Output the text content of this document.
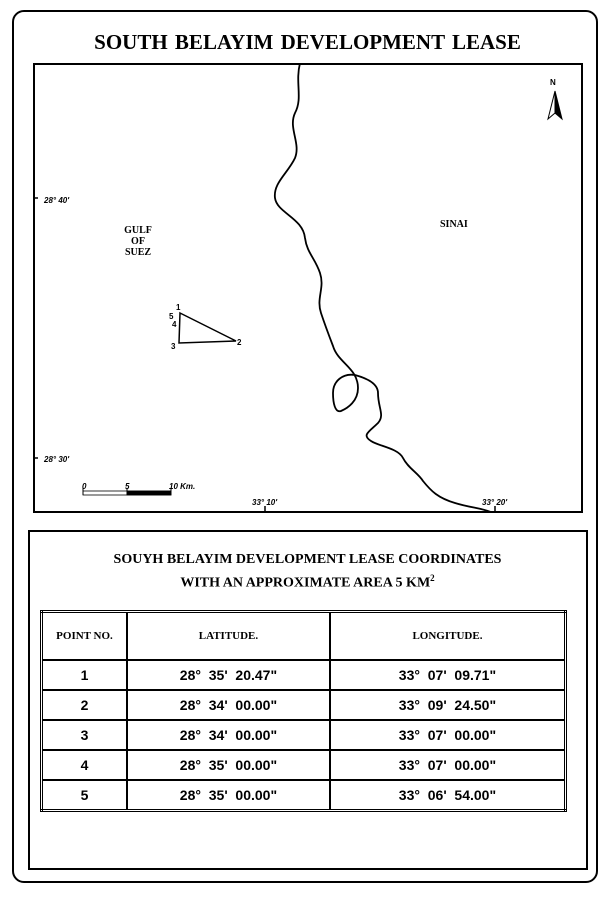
SOUTH BELAYIM DEVELOPMENT LEASE
N
28° 40'
28° 30'
33° 10'	33° 20'
0	5	10 Km.
GULF
OF
SUEZ
SINAI
1
2
3
4
5
SOUYH BELAYIM DEVELOPMENT LEASE COORDINATES
WITH AN APPROXIMATE AREA 5 $KM^2$
POINT NO.	LATITUDE.	LONGITUDE.
1	28°  35'  20.47"	33°  07'  09.71"
2	28°  34'  00.00"	33°  09'  24.50"
3	28°  34'  00.00"	33°  07'  00.00"
4	28°  35'  00.00"	33°  07'  00.00"
5	28°  35'  00.00"	33°  06'  54.00"
